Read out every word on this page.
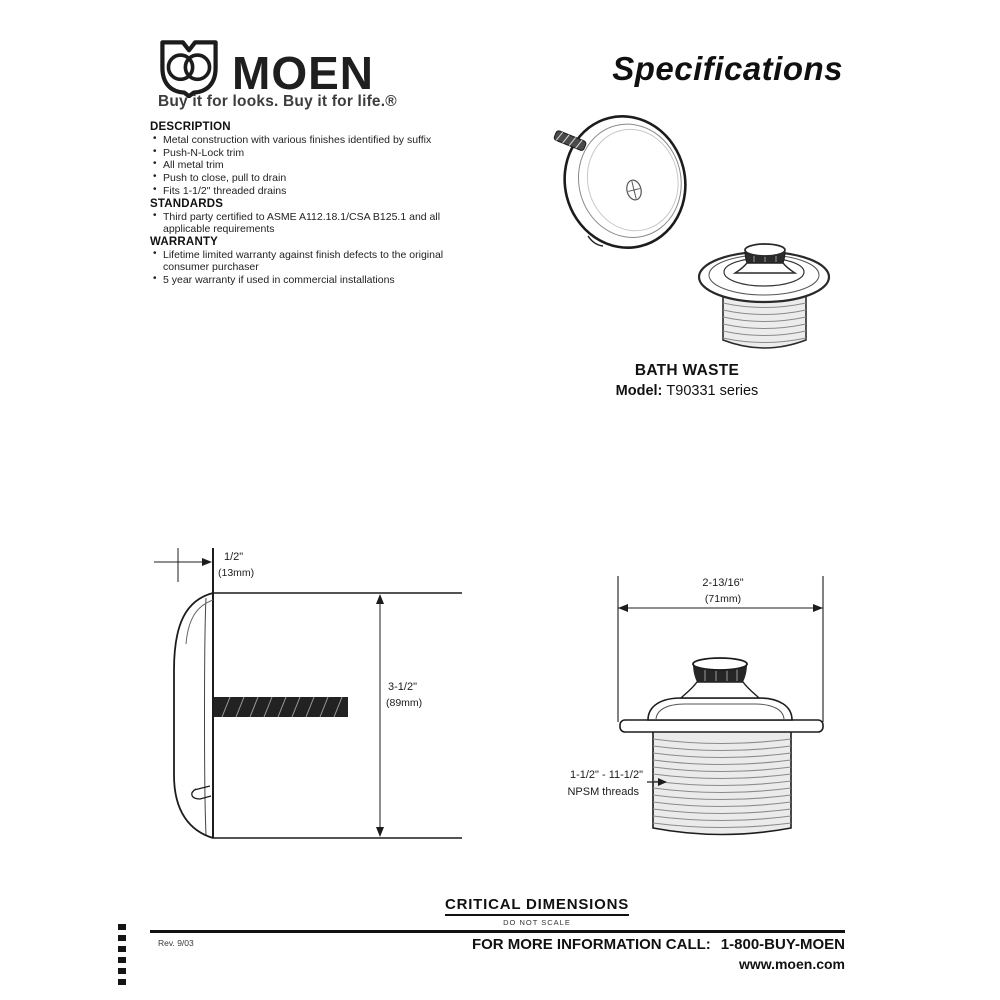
MOEN
Buy it for looks. Buy it for life.®
Specifications
DESCRIPTION
• Metal construction with various finishes identified by suffix
• Push-N-Lock trim
• All metal trim
• Push to close, pull to drain
• Fits 1-1/2" threaded drains
STANDARDS
• Third party certified to ASME A112.18.1/CSA B125.1 and all applicable requirements
WARRANTY
• Lifetime limited warranty against finish defects to the original consumer purchaser
• 5 year warranty if used in commercial installations
BATH WASTE
Model: T90331 series
1/2"
(13mm)
3-1/2"
(89mm)
2-13/16"
(71mm)
1-1/2" - 11-1/2"
NPSM threads
CRITICAL DIMENSIONS
DO NOT SCALE
Rev. 9/03	FOR MORE INFORMATION CALL: 1-800-BUY-MOEN
www.moen.com
